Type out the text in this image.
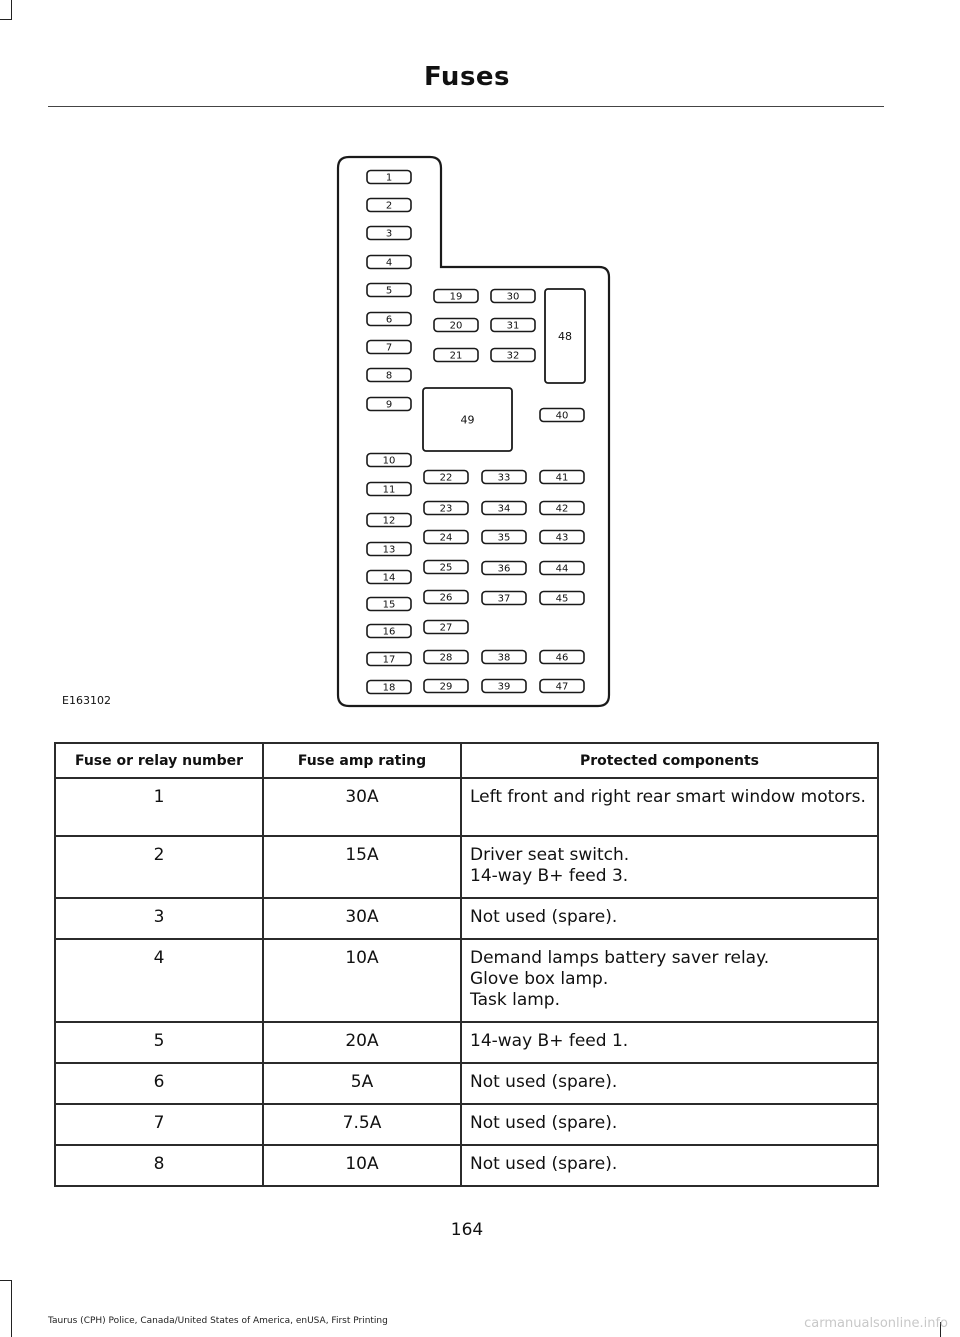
Fuses
1
2
3
4
5
6
7
8
9
10
11
12
13
14
15
16
17
18
19
20
21
22
23
24
25
26
27
28
29
30
31
32
33
34
35
36
37
38
39
40
41
42
43
44
45
46
47
48
49
E163102
Fuse or relay number	Fuse amp rating	Protected components
1	30A	Left front and right rear smart window motors.

2	15A	Driver seat switch.
14-way B+ feed 3.

3	30A	Not used (spare).

4	10A	Demand lamps battery saver relay.
Glove box lamp.
Task lamp.

5	20A	14-way B+ feed 1.

6	5A	Not used (spare).

7	7.5A	Not used (spare).

8	10A	Not used (spare).
164
Taurus (CPH) Police, Canada/United States of America, enUSA, First Printing	carmanualsonline.info
